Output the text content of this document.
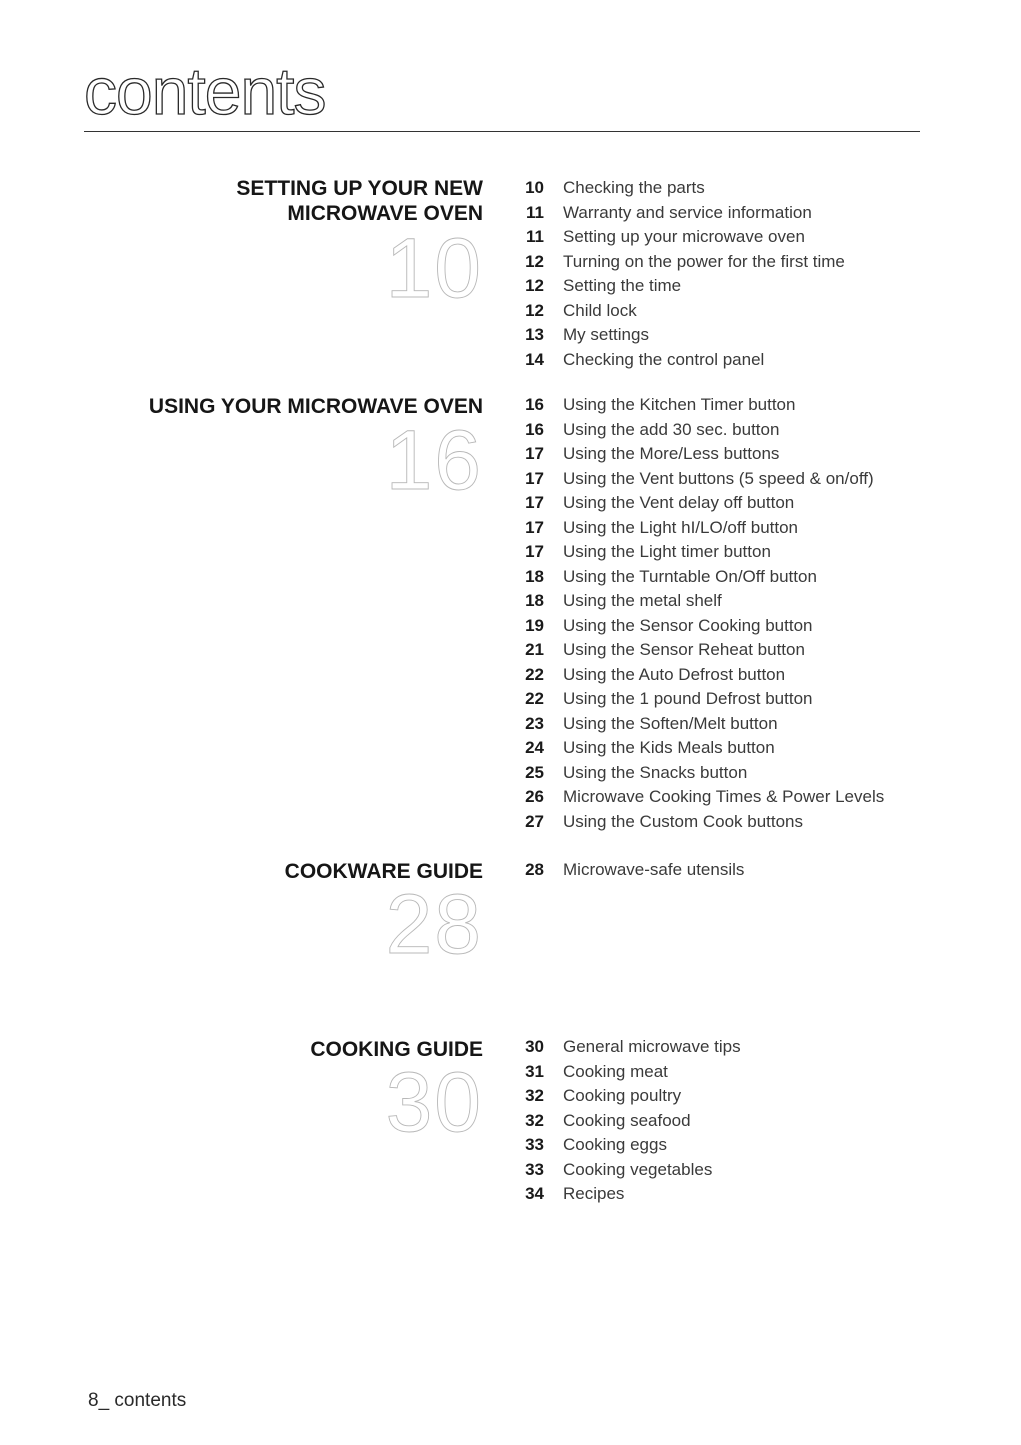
contents
SETTING UP YOUR NEW
MICROWAVE OVEN
10
10 Checking the parts
11 Warranty and service information
11 Setting up your microwave oven
12 Turning on the power for the first time
12 Setting the time
12 Child lock
13 My settings
14 Checking the control panel
USING YOUR MICROWAVE OVEN
16
16 Using the Kitchen Timer button
16 Using the add 30 sec. button
17 Using the More/Less buttons
17 Using the Vent buttons (5 speed & on/off)
17 Using the Vent delay off button
17 Using the Light hI/LO/off button
17 Using the Light timer button
18 Using the Turntable On/Off button
18 Using the metal shelf
19 Using the Sensor Cooking button
21 Using the Sensor Reheat button
22 Using the Auto Defrost button
22 Using the 1 pound Defrost button
23 Using the Soften/Melt button
24 Using the Kids Meals button
25 Using the Snacks button
26 Microwave Cooking Times & Power Levels
27 Using the Custom Cook buttons
COOKWARE GUIDE
28
28 Microwave-safe utensils
COOKING GUIDE
30
30 General microwave tips
31 Cooking meat
32 Cooking poultry
32 Cooking seafood
33 Cooking eggs
33 Cooking vegetables
34 Recipes
8_ contents
